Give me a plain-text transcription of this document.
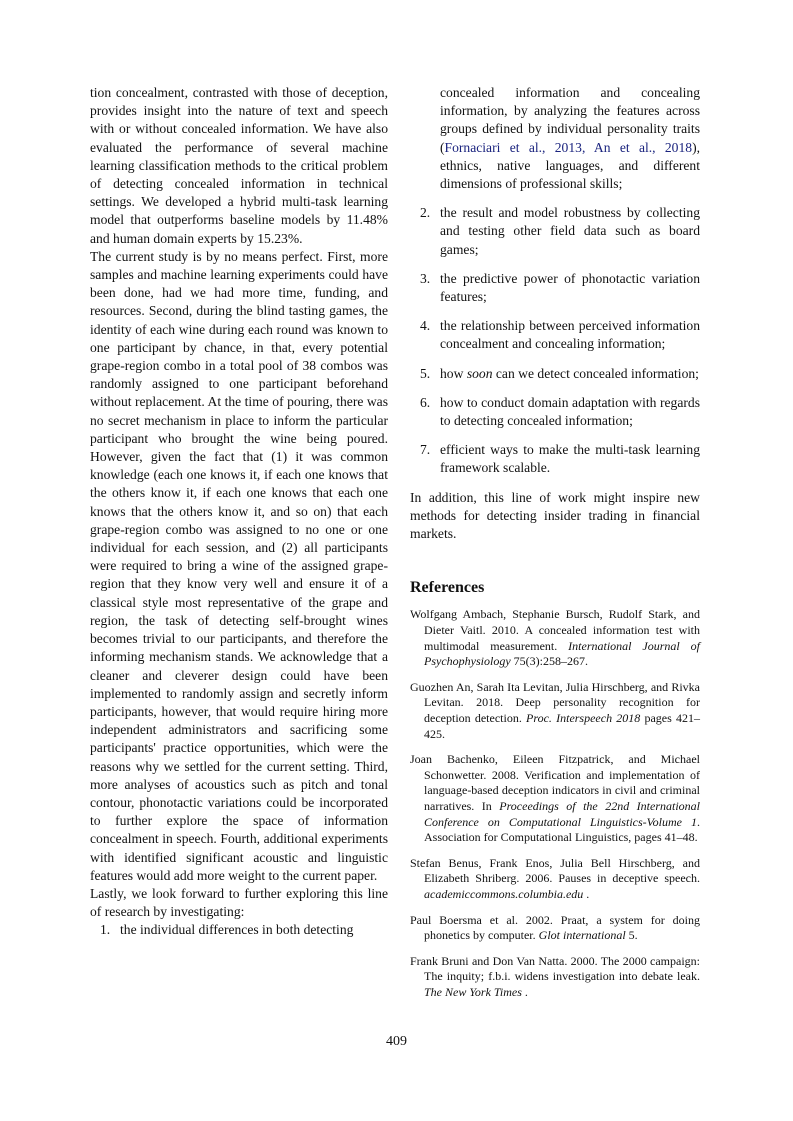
tion concealment, contrasted with those of deception, provides insight into the nature of text and speech with or without concealed information. We have also evaluated the performance of several machine learning classification methods to the critical problem of detecting concealed information in technical settings. We developed a hybrid multi-task learning model that outperforms baseline models by 11.48% and human domain experts by 15.23%.

The current study is by no means perfect. First, more samples and machine learning experiments could have been done, had we had more time, funding, and resources. Second, during the blind tasting games, the identity of each wine during each round was known to one participant by chance, in that, every potential grape-region combo in a total pool of 38 combos was randomly assigned to one participant beforehand without replacement. At the time of pouring, there was no secret mechanism in place to inform the particular participant who brought the wine being poured. However, given the fact that (1) it was common knowledge (each one knows it, if each one knows that the others know it, if each one knows that each one knows that the others know it, and so on) that each grape-region combo was assigned to no one or one individual for each session, and (2) all participants were required to bring a wine of the assigned grape-region that they know very well and ensure it of a classical style most representative of the grape and region, the task of detecting self-brought wines becomes trivial to our participants, and therefore the informing mechanism stands. We acknowledge that a cleaner and cleverer design could have been implemented to randomly assign and secretly inform participants, however, that would require hiring more independent administrators and sacrificing some participants' practice opportunities, which were the reasons why we settled for the current setting. Third, more analyses of acoustics such as pitch and tonal contour, phonotactic variations could be incorporated to further explore the space of information concealment in speech. Fourth, additional experiments with identified significant acoustic and linguistic features would add more weight to the current paper.

Lastly, we look forward to further exploring this line of research by investigating:

1. the individual differences in both detecting
concealed information and concealing information, by analyzing the features across groups defined by individual personality traits (Fornaciari et al., 2013, An et al., 2018), ethnics, native languages, and different dimensions of professional skills;
2. the result and model robustness by collecting and testing other field data such as board games;
3. the predictive power of phonotactic variation features;
4. the relationship between perceived information concealment and concealing information;
5. how soon can we detect concealed information;
6. how to conduct domain adaptation with regards to detecting concealed information;
7. efficient ways to make the multi-task learning framework scalable.

In addition, this line of work might inspire new methods for detecting insider trading in financial markets.

References
Wolfgang Ambach, Stephanie Bursch, Rudolf Stark, and Dieter Vaitl. 2010. A concealed information test with multimodal measurement. International Journal of Psychophysiology 75(3):258–267.
Guozhen An, Sarah Ita Levitan, Julia Hirschberg, and Rivka Levitan. 2018. Deep personality recognition for deception detection. Proc. Interspeech 2018 pages 421–425.
Joan Bachenko, Eileen Fitzpatrick, and Michael Schonwetter. 2008. Verification and implementation of language-based deception indicators in civil and criminal narratives. In Proceedings of the 22nd International Conference on Computational Linguistics-Volume 1. Association for Computational Linguistics, pages 41–48.
Stefan Benus, Frank Enos, Julia Bell Hirschberg, and Elizabeth Shriberg. 2006. Pauses in deceptive speech. academiccommons.columbia.edu .
Paul Boersma et al. 2002. Praat, a system for doing phonetics by computer. Glot international 5.
Frank Bruni and Don Van Natta. 2000. The 2000 campaign: The inquity; f.b.i. widens investigation into debate leak. The New York Times .
409
